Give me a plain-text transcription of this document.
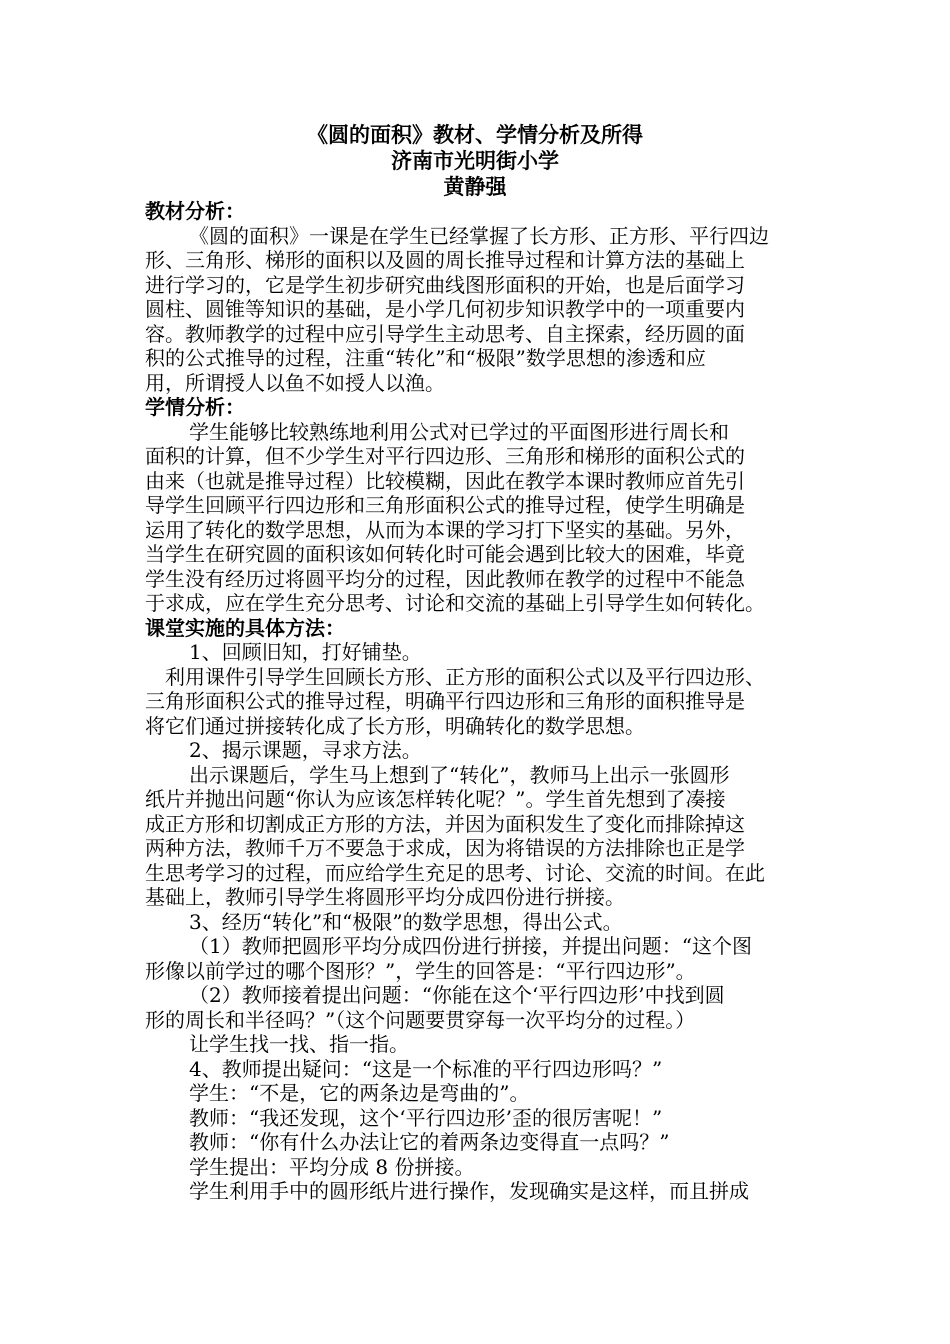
《圆的面积》教材、学情分析及所得
济南市光明街小学
黄静强
教材分析：
《圆的面积》一课是在学生已经掌握了长方形、正方形、平行四边
形、三角形、梯形的面积以及圆的周长推导过程和计算方法的基础上
进行学习的，它是学生初步研究曲线图形面积的开始，也是后面学习
圆柱、圆锥等知识的基础，是小学几何初步知识教学中的一项重要内
容。教师教学的过程中应引导学生主动思考、自主探索，经历圆的面
积的公式推导的过程，注重“转化”和“极限”数学思想的渗透和应
用，所谓授人以鱼不如授人以渔。
学情分析：
学生能够比较熟练地利用公式对已学过的平面图形进行周长和
面积的计算，但不少学生对平行四边形、三角形和梯形的面积公式的
由来（也就是推导过程）比较模糊，因此在教学本课时教师应首先引
导学生回顾平行四边形和三角形面积公式的推导过程，使学生明确是
运用了转化的数学思想，从而为本课的学习打下坚实的基础。另外，
当学生在研究圆的面积该如何转化时可能会遇到比较大的困难，毕竟
学生没有经历过将圆平均分的过程，因此教师在教学的过程中不能急
于求成，应在学生充分思考、讨论和交流的基础上引导学生如何转化。
课堂实施的具体方法：
1、回顾旧知，打好铺垫。
利用课件引导学生回顾长方形、正方形的面积公式以及平行四边形、
三角形面积公式的推导过程，明确平行四边形和三角形的面积推导是
将它们通过拼接转化成了长方形，明确转化的数学思想。
2、揭示课题，寻求方法。
出示课题后，学生马上想到了“转化”，教师马上出示一张圆形
纸片并抛出问题“你认为应该怎样转化呢？”。学生首先想到了凑接
成正方形和切割成正方形的方法，并因为面积发生了变化而排除掉这
两种方法，教师千万不要急于求成，因为将错误的方法排除也正是学
生思考学习的过程，而应给学生充足的思考、讨论、交流的时间。在此
基础上，教师引导学生将圆形平均分成四份进行拼接。
3、经历“转化”和“极限”的数学思想，得出公式。
（1）教师把圆形平均分成四份进行拼接，并提出问题：“这个图
形像以前学过的哪个图形？”，学生的回答是：“平行四边形”。
（2）教师接着提出问题：“你能在这个‘平行四边形’中找到圆
形的周长和半径吗？”（这个问题要贯穿每一次平均分的过程。）
让学生找一找、指一指。
4、教师提出疑问：“这是一个标准的平行四边形吗？”
学生：“不是，它的两条边是弯曲的”。
教师：“我还发现，这个‘平行四边形’歪的很厉害呢！”
教师：“你有什么办法让它的着两条边变得直一点吗？”
学生提出：平均分成 8 份拼接。
学生利用手中的圆形纸片进行操作，发现确实是这样，而且拼成
